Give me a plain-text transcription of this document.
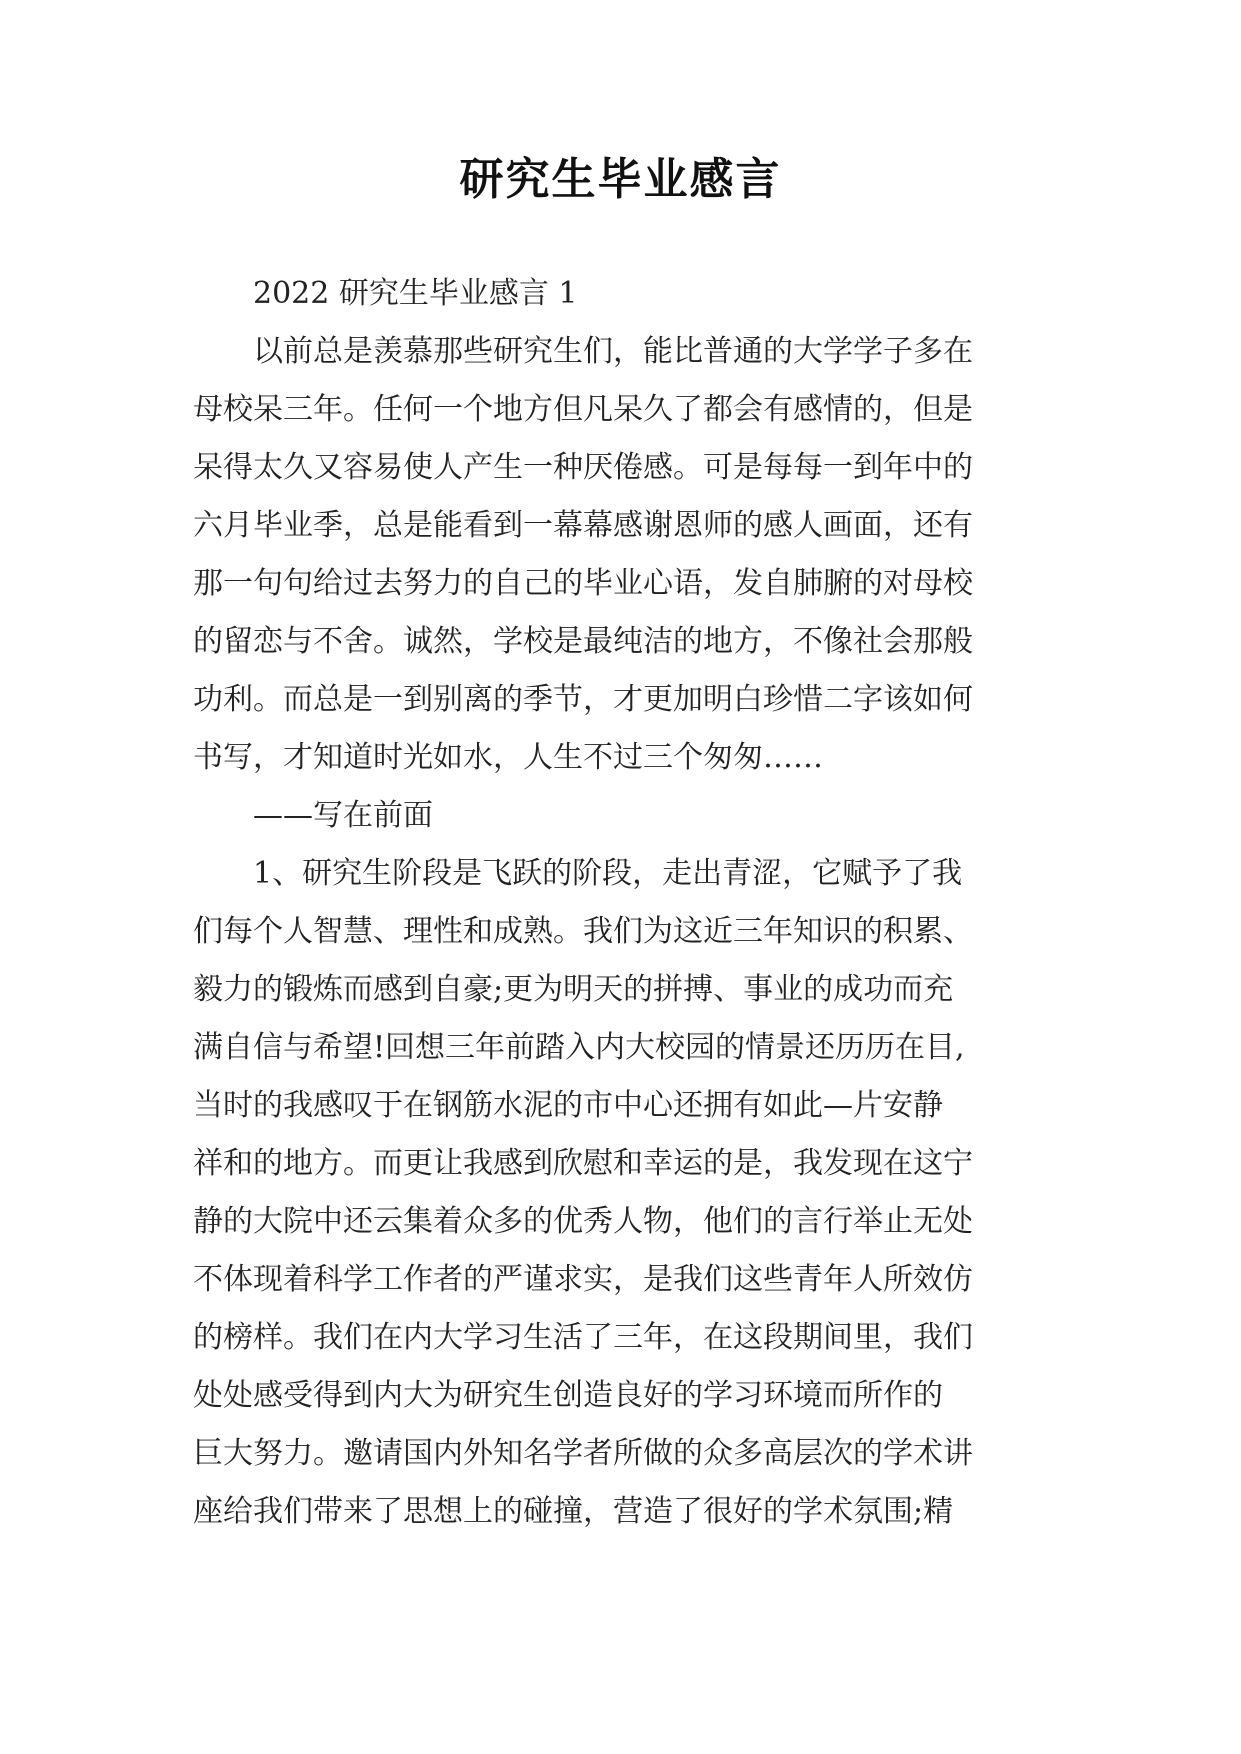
研究生毕业感言
2022 研究生毕业感言 1
以前总是羡慕那些研究生们，能比普通的大学学子多在
母校呆三年。任何一个地方但凡呆久了都会有感情的，但是
呆得太久又容易使人产生一种厌倦感。可是每每一到年中的
六月毕业季，总是能看到一幕幕感谢恩师的感人画面，还有
那一句句给过去努力的自己的毕业心语，发自肺腑的对母校
的留恋与不舍。诚然，学校是最纯洁的地方，不像社会那般
功利。而总是一到别离的季节，才更加明白珍惜二字该如何
书写，才知道时光如水，人生不过三个匆匆……
——写在前面
1、研究生阶段是飞跃的阶段，走出青涩，它赋予了我
们每个人智慧、理性和成熟。我们为这近三年知识的积累、
毅力的锻炼而感到自豪;更为明天的拼搏、事业的成功而充
满自信与希望!回想三年前踏入内大校园的情景还历历在目,
当时的我感叹于在钢筋水泥的市中心还拥有如此—片安静
祥和的地方。而更让我感到欣慰和幸运的是，我发现在这宁
静的大院中还云集着众多的优秀人物，他们的言行举止无处
不体现着科学工作者的严谨求实，是我们这些青年人所效仿
的榜样。我们在内大学习生活了三年，在这段期间里，我们
处处感受得到内大为研究生创造良好的学习环境而所作的
巨大努力。邀请国内外知名学者所做的众多高层次的学术讲
座给我们带来了思想上的碰撞，营造了很好的学术氛围;精
